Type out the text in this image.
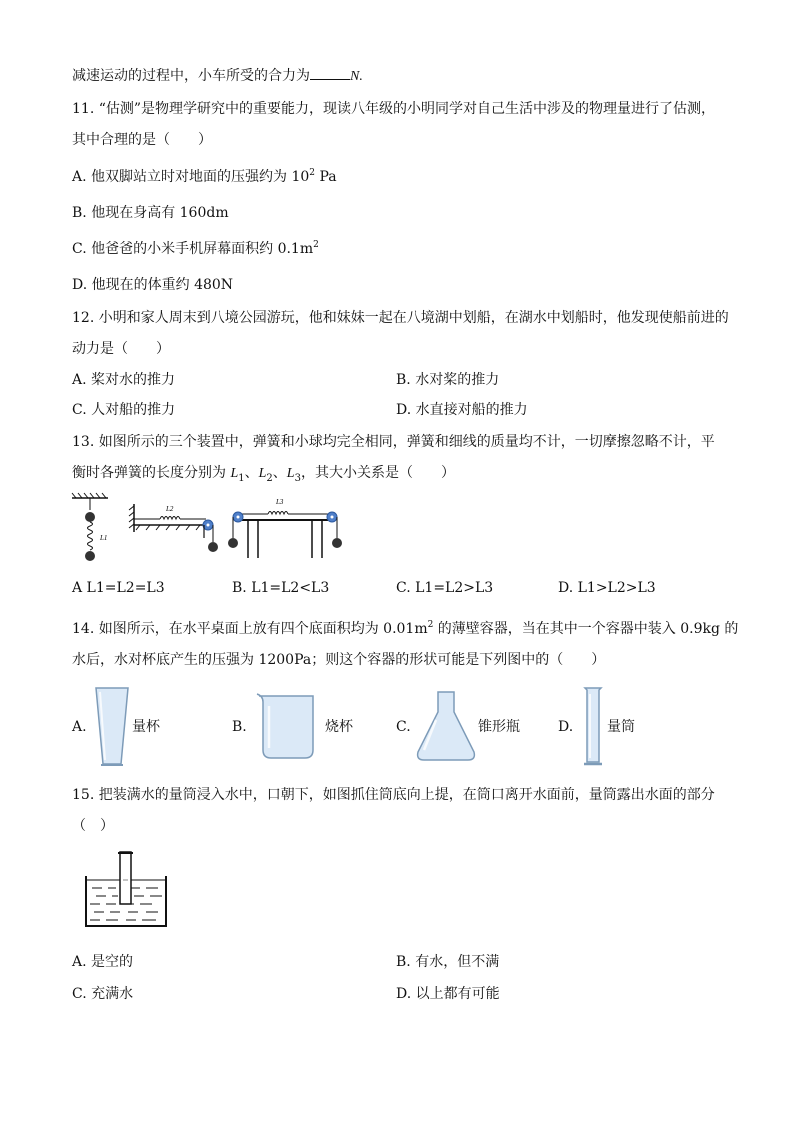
减速运动的过程中，小车所受的合力为	N.
11. “估测”是物理学研究中的重要能力，现读八年级的小明同学对自己生活中涉及的物理量进行了估测，
其中合理的是（　　）
A. 他双脚站立时对地面的压强约为 $10^2$ Pa
B. 他现在身高有 160dm
C. 他爸爸的小米手机屏幕面积约 $0.1m^2$
D. 他现在的体重约 480N
12. 小明和家人周末到八境公园游玩，他和妹妹一起在八境湖中划船，在湖水中划船时，他发现使船前进的
动力是（　　）
A. 桨对水的推力	B. 水对桨的推力
C. 人对船的推力	D. 水直接对船的推力
13. 如图所示的三个装置中，弹簧和小球均完全相同，弹簧和细线的质量均不计，一切摩擦忽略不计，平
衡时各弹簧的长度分别为 $L_1$、$L_2$、$L_3$，其大小关系是（　　）
L1
L2
L3
A L1=L2=L3	B. L1=L2<L3	C. L1=L2>L3	D. L1>L2>L3
14. 如图所示，在水平桌面上放有四个底面积均为 $0.01m^2$ 的薄壁容器，当在其中一个容器中装入 0.9kg 的
水后，水对杯底产生的压强为 1200Pa；则这个容器的形状可能是下列图中的（　　）
A.	量杯	B.	烧杯	C.	锥形瓶	D. 量筒
15. 把装满水的量筒浸入水中，口朝下，如图抓住筒底向上提，在筒口离开水面前，量筒露出水面的部分
（　）
A. 是空的	B. 有水，但不满
C. 充满水	D. 以上都有可能
